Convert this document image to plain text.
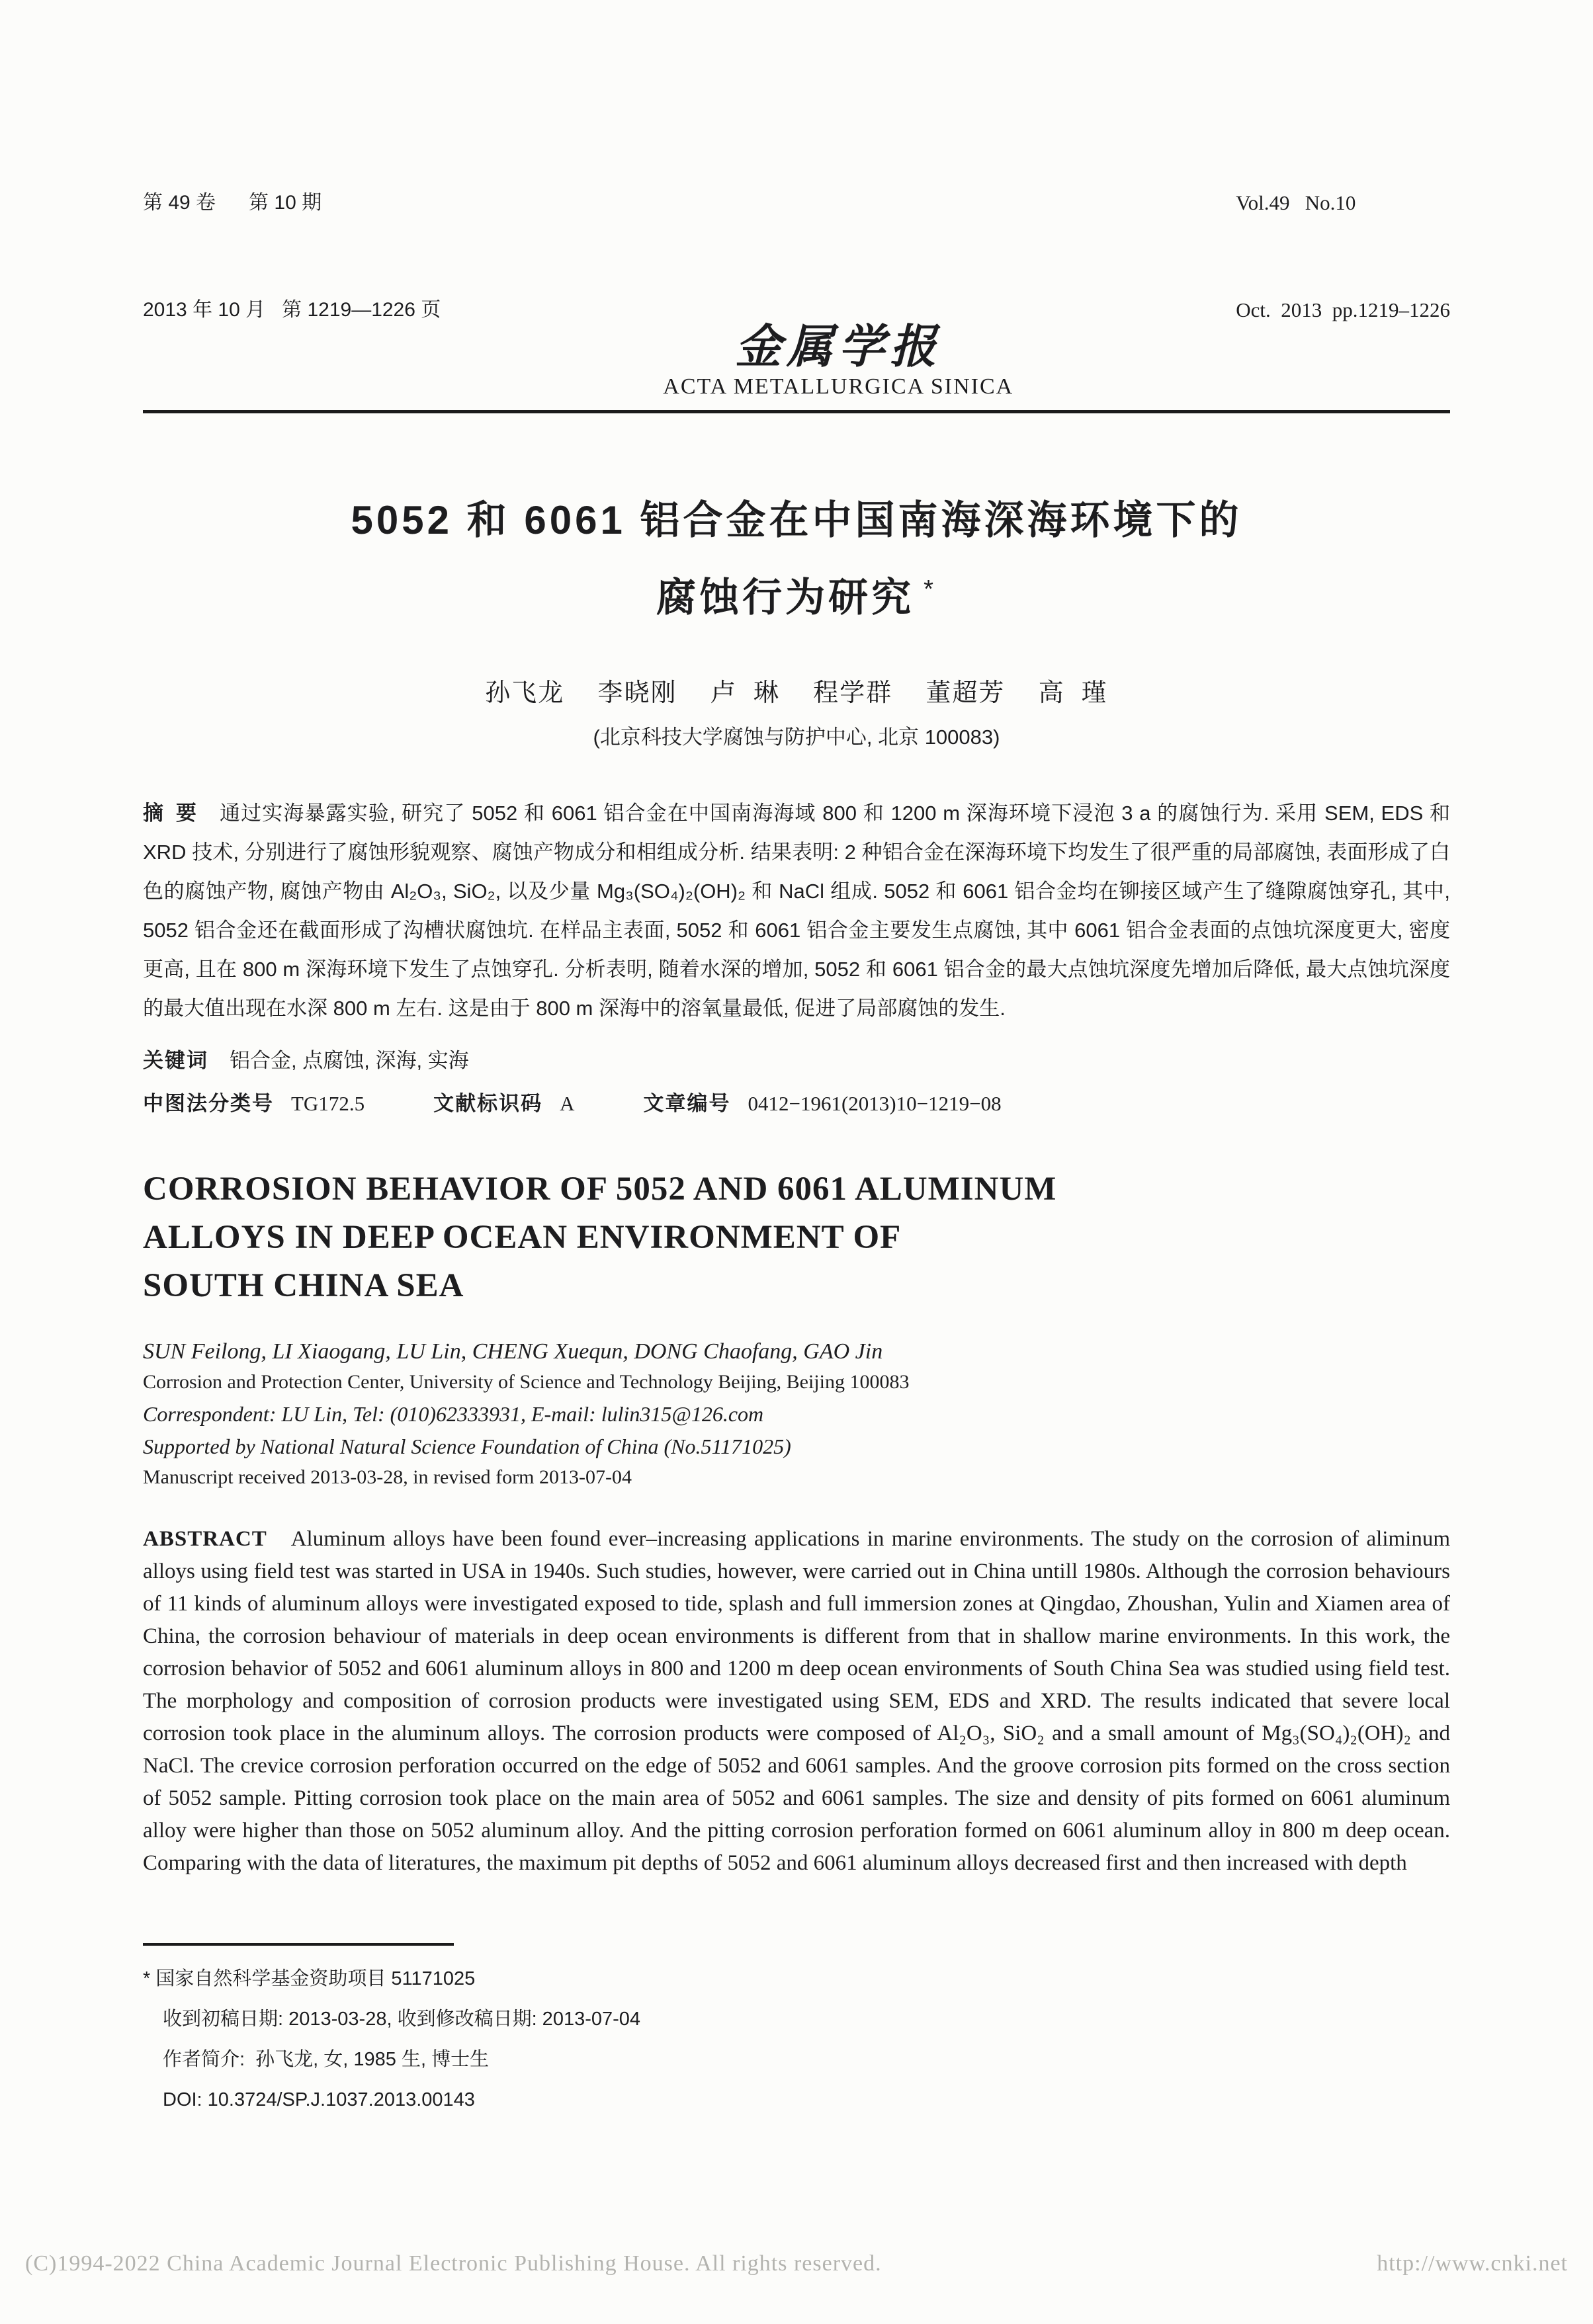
第 49 卷      第 10 期

2013 年 10 月   第 1219—1226 页

金属学报
ACTA METALLURGICA SINICA

Vol.49   No.10

Oct.  2013  pp.1219–1226

5052 和 6061 铝合金在中国南海深海环境下的
腐蚀行为研究 *
孙飞龙    李晓刚    卢  琳    程学群    董超芳    高  瑾
(北京科技大学腐蚀与防护中心, 北京 100083)

摘 要 通过实海暴露实验, 研究了 5052 和 6061 铝合金在中国南海海域 800 和 1200 m 深海环境下浸泡 3 a 的腐蚀行为. 采用 SEM, EDS 和 XRD 技术, 分别进行了腐蚀形貌观察、腐蚀产物成分和相组成分析. 结果表明: 2 种铝合金在深海环境下均发生了很严重的局部腐蚀, 表面形成了白色的腐蚀产物, 腐蚀产物由 Al₂O₃, SiO₂, 以及少量 Mg₃(SO₄)₂(OH)₂ 和 NaCl 组成. 5052 和 6061 铝合金均在铆接区域产生了缝隙腐蚀穿孔, 其中, 5052 铝合金还在截面形成了沟槽状腐蚀坑. 在样品主表面, 5052 和 6061 铝合金主要发生点腐蚀, 其中 6061 铝合金表面的点蚀坑深度更大, 密度更高, 且在 800 m 深海环境下发生了点蚀穿孔. 分析表明, 随着水深的增加, 5052 和 6061 铝合金的最大点蚀坑深度先增加后降低, 最大点蚀坑深度的最大值出现在水深 800 m 左右. 这是由于 800 m 深海中的溶氧量最低, 促进了局部腐蚀的发生.

关键词 铝合金, 点腐蚀, 深海, 实海
中图法分类号 TG172.5	文献标识码 A	文章编号 0412−1961(2013)10−1219−08
CORROSION BEHAVIOR OF 5052 AND 6061 ALUMINUM
ALLOYS IN DEEP OCEAN ENVIRONMENT OF
SOUTH CHINA SEA
SUN Feilong, LI Xiaogang, LU Lin, CHENG Xuequn, DONG Chaofang, GAO Jin
Corrosion and Protection Center, University of Science and Technology Beijing, Beijing 100083
Correspondent: LU Lin, Tel: (010)62333931, E-mail: lulin315@126.com
Supported by National Natural Science Foundation of China (No.51171025)
Manuscript received 2013-03-28, in revised form 2013-07-04

ABSTRACT Aluminum alloys have been found ever–increasing applications in marine environments. The study on the corrosion of aliminum alloys using field test was started in USA in 1940s. Such studies, however, were carried out in China untill 1980s. Although the corrosion behaviours of 11 kinds of aluminum alloys were investigated exposed to tide, splash and full immersion zones at Qingdao, Zhoushan, Yulin and Xiamen area of China, the corrosion behaviour of materials in deep ocean environments is different from that in shallow marine environments. In this work, the corrosion behavior of 5052 and 6061 aluminum alloys in 800 and 1200 m deep ocean environments of South China Sea was studied using field test. The morphology and composition of corrosion products were investigated using SEM, EDS and XRD. The results indicated that severe local corrosion took place in the aluminum alloys. The corrosion products were composed of Al₂O₃, SiO₂ and a small amount of Mg₃(SO₄)₂(OH)₂ and NaCl. The crevice corrosion perforation occurred on the edge of 5052 and 6061 samples. And the groove corrosion pits formed on the cross section of 5052 sample. Pitting corrosion took place on the main area of 5052 and 6061 samples. The size and density of pits formed on 6061 aluminum alloy were higher than those on 5052 aluminum alloy. And the pitting corrosion perforation formed on 6061 aluminum alloy in 800 m deep ocean. Comparing with the data of literatures, the maximum pit depths of 5052 and 6061 aluminum alloys decreased first and then increased with depth

* 国家自然科学基金资助项目 51171025
收到初稿日期: 2013-03-28, 收到修改稿日期: 2013-07-04
作者简介:  孙飞龙, 女, 1985 生, 博士生
DOI: 10.3724/SP.J.1037.2013.00143
(C)1994-2022 China Academic Journal Electronic Publishing House. All rights reserved.	http://www.cnki.net
